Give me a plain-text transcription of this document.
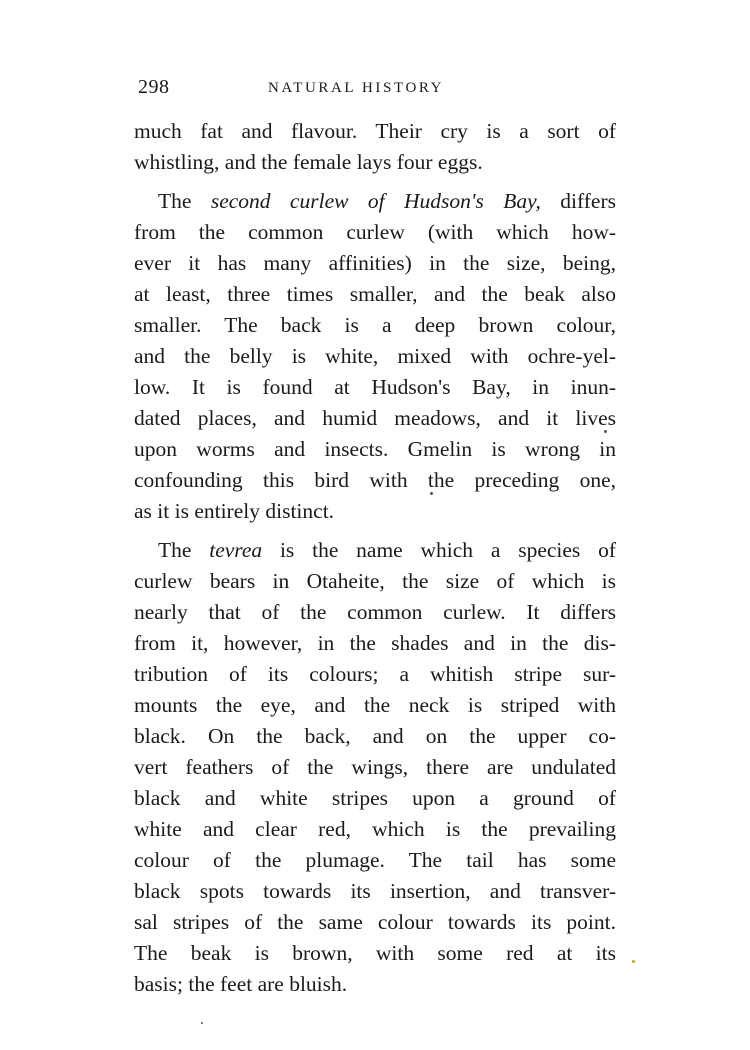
298	NATURAL HISTORY
much fat and flavour. Their cry is a sort of
whistling, and the female lays four eggs.
The second curlew of Hudson's Bay, differs
from the common curlew (with which how-
ever it has many affinities) in the size, being,
at least, three times smaller, and the beak also
smaller. The back is a deep brown colour,
and the belly is white, mixed with ochre-yel-
low. It is found at Hudson's Bay, in inun-
dated places, and humid meadows, and it lives
upon worms and insects. Gmelin is wrong in
confounding this bird with the preceding one,
as it is entirely distinct.
The tevrea is the name which a species of
curlew bears in Otaheite, the size of which is
nearly that of the common curlew. It differs
from it, however, in the shades and in the dis-
tribution of its colours; a whitish stripe sur-
mounts the eye, and the neck is striped with
black. On the back, and on the upper co-
vert feathers of the wings, there are undulated
black and white stripes upon a ground of
white and clear red, which is the prevailing
colour of the plumage. The tail has some
black spots towards its insertion, and transver-
sal stripes of the same colour towards its point.
The beak is brown, with some red at its
basis; the feet are bluish.
